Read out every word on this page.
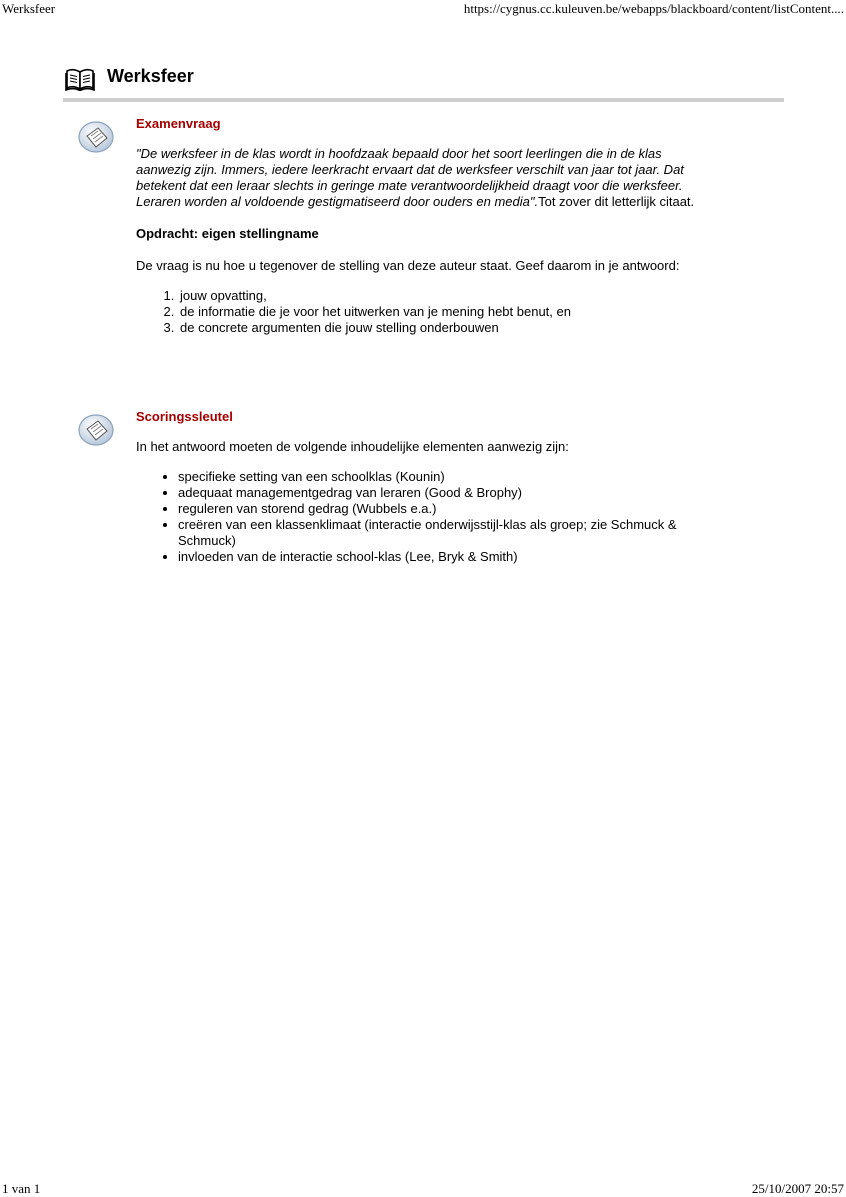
Werksfeer	https://cygnus.cc.kuleuven.be/webapps/blackboard/content/listContent....
Werksfeer
Examenvraag

"De werksfeer in de klas wordt in hoofdzaak bepaald door het soort leerlingen die in de klas aanwezig zijn. Immers, iedere leerkracht ervaart dat de werksfeer verschilt van jaar tot jaar. Dat betekent dat een leraar slechts in geringe mate verantwoordelijkheid draagt voor die werksfeer. Leraren worden al voldoende gestigmatiseerd door ouders en media".Tot zover dit letterlijk citaat.

Opdracht: eigen stellingname

De vraag is nu hoe u tegenover de stelling van deze auteur staat. Geef daarom in je antwoord:

1. jouw opvatting,
2. de informatie die je voor het uitwerken van je mening hebt benut, en
3. de concrete argumenten die jouw stelling onderbouwen
Scoringssleutel

In het antwoord moeten de volgende inhoudelijke elementen aanwezig zijn:

• specifieke setting van een schoolklas (Kounin)
• adequaat managementgedrag van leraren (Good & Brophy)
• reguleren van storend gedrag (Wubbels e.a.)
• creëren van een klassenklimaat (interactie onderwijsstijl-klas als groep; zie Schmuck & Schmuck)
• invloeden van de interactie school-klas (Lee, Bryk & Smith)
1 van 1	25/10/2007 20:57
